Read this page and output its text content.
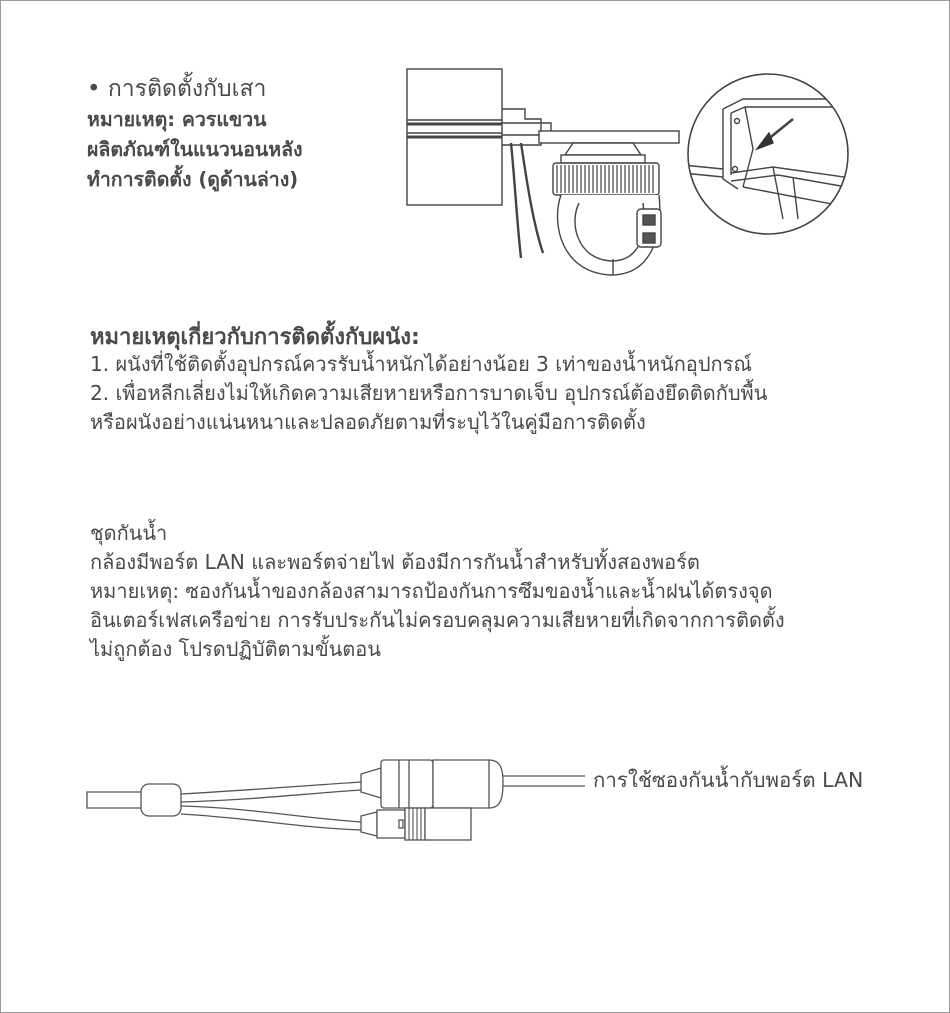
• การติดตั้งกับเสา
หมายเหตุ: ควรแขวน
ผลิตภัณฑ์ในแนวนอนหลัง
ทำการติดตั้ง (ดูด้านล่าง)
หมายเหตุเกี่ยวกับการติดตั้งกับผนัง:
1. ผนังที่ใช้ติดตั้งอุปกรณ์ควรรับน้ำหนักได้อย่างน้อย 3 เท่าของน้ำหนักอุปกรณ์
2. เพื่อหลีกเลี่ยงไม่ให้เกิดความเสียหายหรือการบาดเจ็บ อุปกรณ์ต้องยึดติดกับพื้น
หรือผนังอย่างแน่นหนาและปลอดภัยตามที่ระบุไว้ในคู่มือการติดตั้ง
ชุดกันน้ำ
กล้องมีพอร์ต LAN และพอร์ตจ่ายไฟ ต้องมีการกันน้ำสำหรับทั้งสองพอร์ต
หมายเหตุ: ซองกันน้ำของกล้องสามารถป้องกันการซึมของน้ำและน้ำฝนได้ตรงจุด
อินเตอร์เฟสเครือข่าย การรับประกันไม่ครอบคลุมความเสียหายที่เกิดจากการติดตั้ง
ไม่ถูกต้อง โปรดปฏิบัติตามขั้นตอน
การใช้ซองกันน้ำกับพอร์ต LAN
